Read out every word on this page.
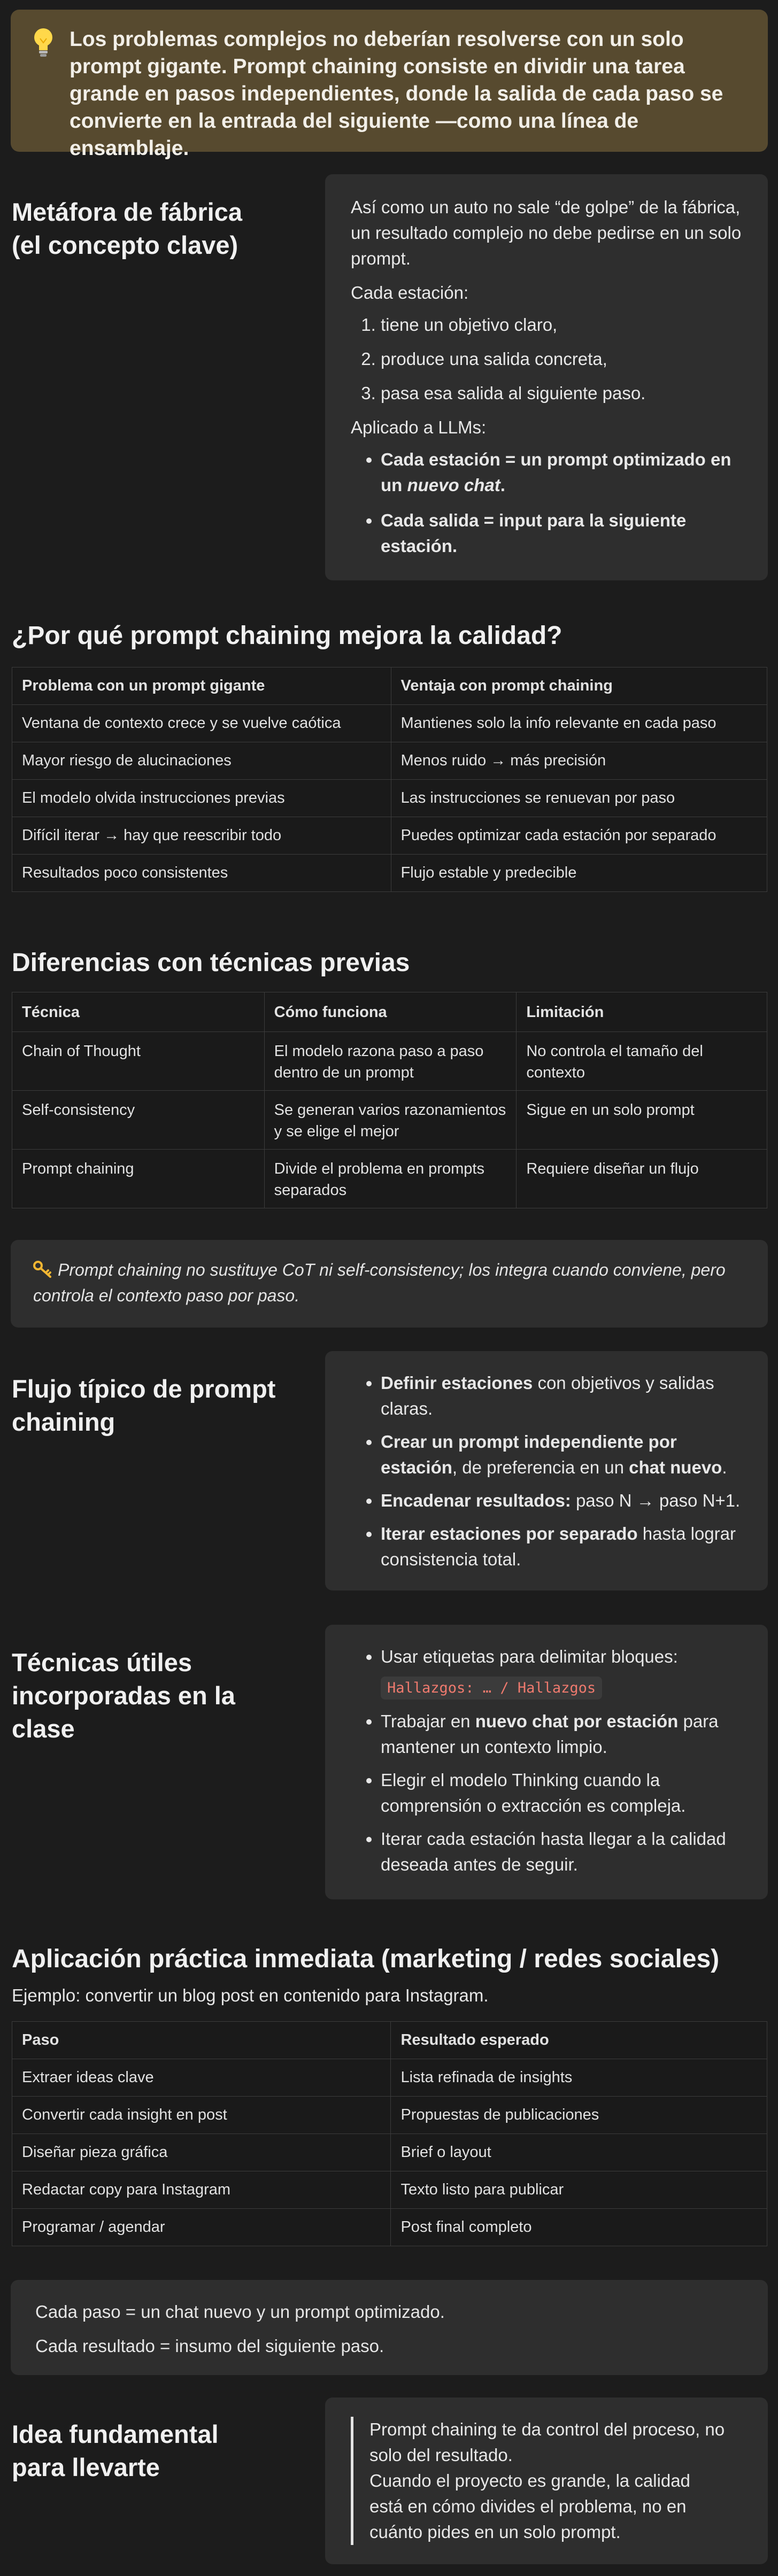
Los problemas complejos no deberían resolverse con un solo prompt gigante. Prompt chaining consiste en dividir una tarea grande en pasos independientes, donde la salida de cada paso se convierte en la entrada del siguiente —como una línea de ensamblaje.

Metáfora de fábrica
(el concepto clave)

Así como un auto no sale “de golpe” de la fábrica, un resultado complejo no debe pedirse en un solo prompt.

Cada estación:

1. tiene un objetivo claro,
2. produce una salida concreta,
3. pasa esa salida al siguiente paso.

Aplicado a LLMs:

• Cada estación = un prompt optimizado en un nuevo chat.
• Cada salida = input para la siguiente estación.
¿Por qué prompt chaining mejora la calidad?
Problema con un prompt gigante	Ventaja con prompt chaining
Ventana de contexto crece y se vuelve caótica	Mantienes solo la info relevante en cada paso
Mayor riesgo de alucinaciones	Menos ruido → más precisión
El modelo olvida instrucciones previas	Las instrucciones se renuevan por paso
Difícil iterar → hay que reescribir todo	Puedes optimizar cada estación por separado
Resultados poco consistentes	Flujo estable y predecible
Diferencias con técnicas previas
Técnica	Cómo funciona	Limitación
Chain of Thought	El modelo razona paso a paso dentro de un prompt	No controla el tamaño del contexto
Self-consistency	Se generan varios razonamientos y se elige el mejor	Sigue en un solo prompt
Prompt chaining	Divide el problema en prompts separados	Requiere diseñar un flujo
Prompt chaining no sustituye CoT ni self-consistency; los integra cuando conviene, pero controla el contexto paso por paso.
Flujo típico de prompt
chaining
• Definir estaciones con objetivos y salidas claras.
• Crear un prompt independiente por estación, de preferencia en un chat nuevo.
• Encadenar resultados: paso N → paso N+1.
• Iterar estaciones por separado hasta lograr consistencia total.
Técnicas útiles
incorporadas en la
clase
• Usar etiquetas para delimitar bloques:
Hallazgos: … / Hallazgos
• Trabajar en nuevo chat por estación para mantener un contexto limpio.
• Elegir el modelo Thinking cuando la comprensión o extracción es compleja.
• Iterar cada estación hasta llegar a la calidad deseada antes de seguir.
Aplicación práctica inmediata (marketing / redes sociales)

Ejemplo: convertir un blog post en contenido para Instagram.

Paso	Resultado esperado
Extraer ideas clave	Lista refinada de insights
Convertir cada insight en post	Propuestas de publicaciones
Diseñar pieza gráfica	Brief o layout
Redactar copy para Instagram	Texto listo para publicar
Programar / agendar	Post final completo

Cada paso = un chat nuevo y un prompt optimizado.

Cada resultado = insumo del siguiente paso.

Idea fundamental
para llevarte
Prompt chaining te da control del proceso, no
solo del resultado.
Cuando el proyecto es grande, la calidad
está en cómo divides el problema, no en
cuánto pides en un solo prompt.
